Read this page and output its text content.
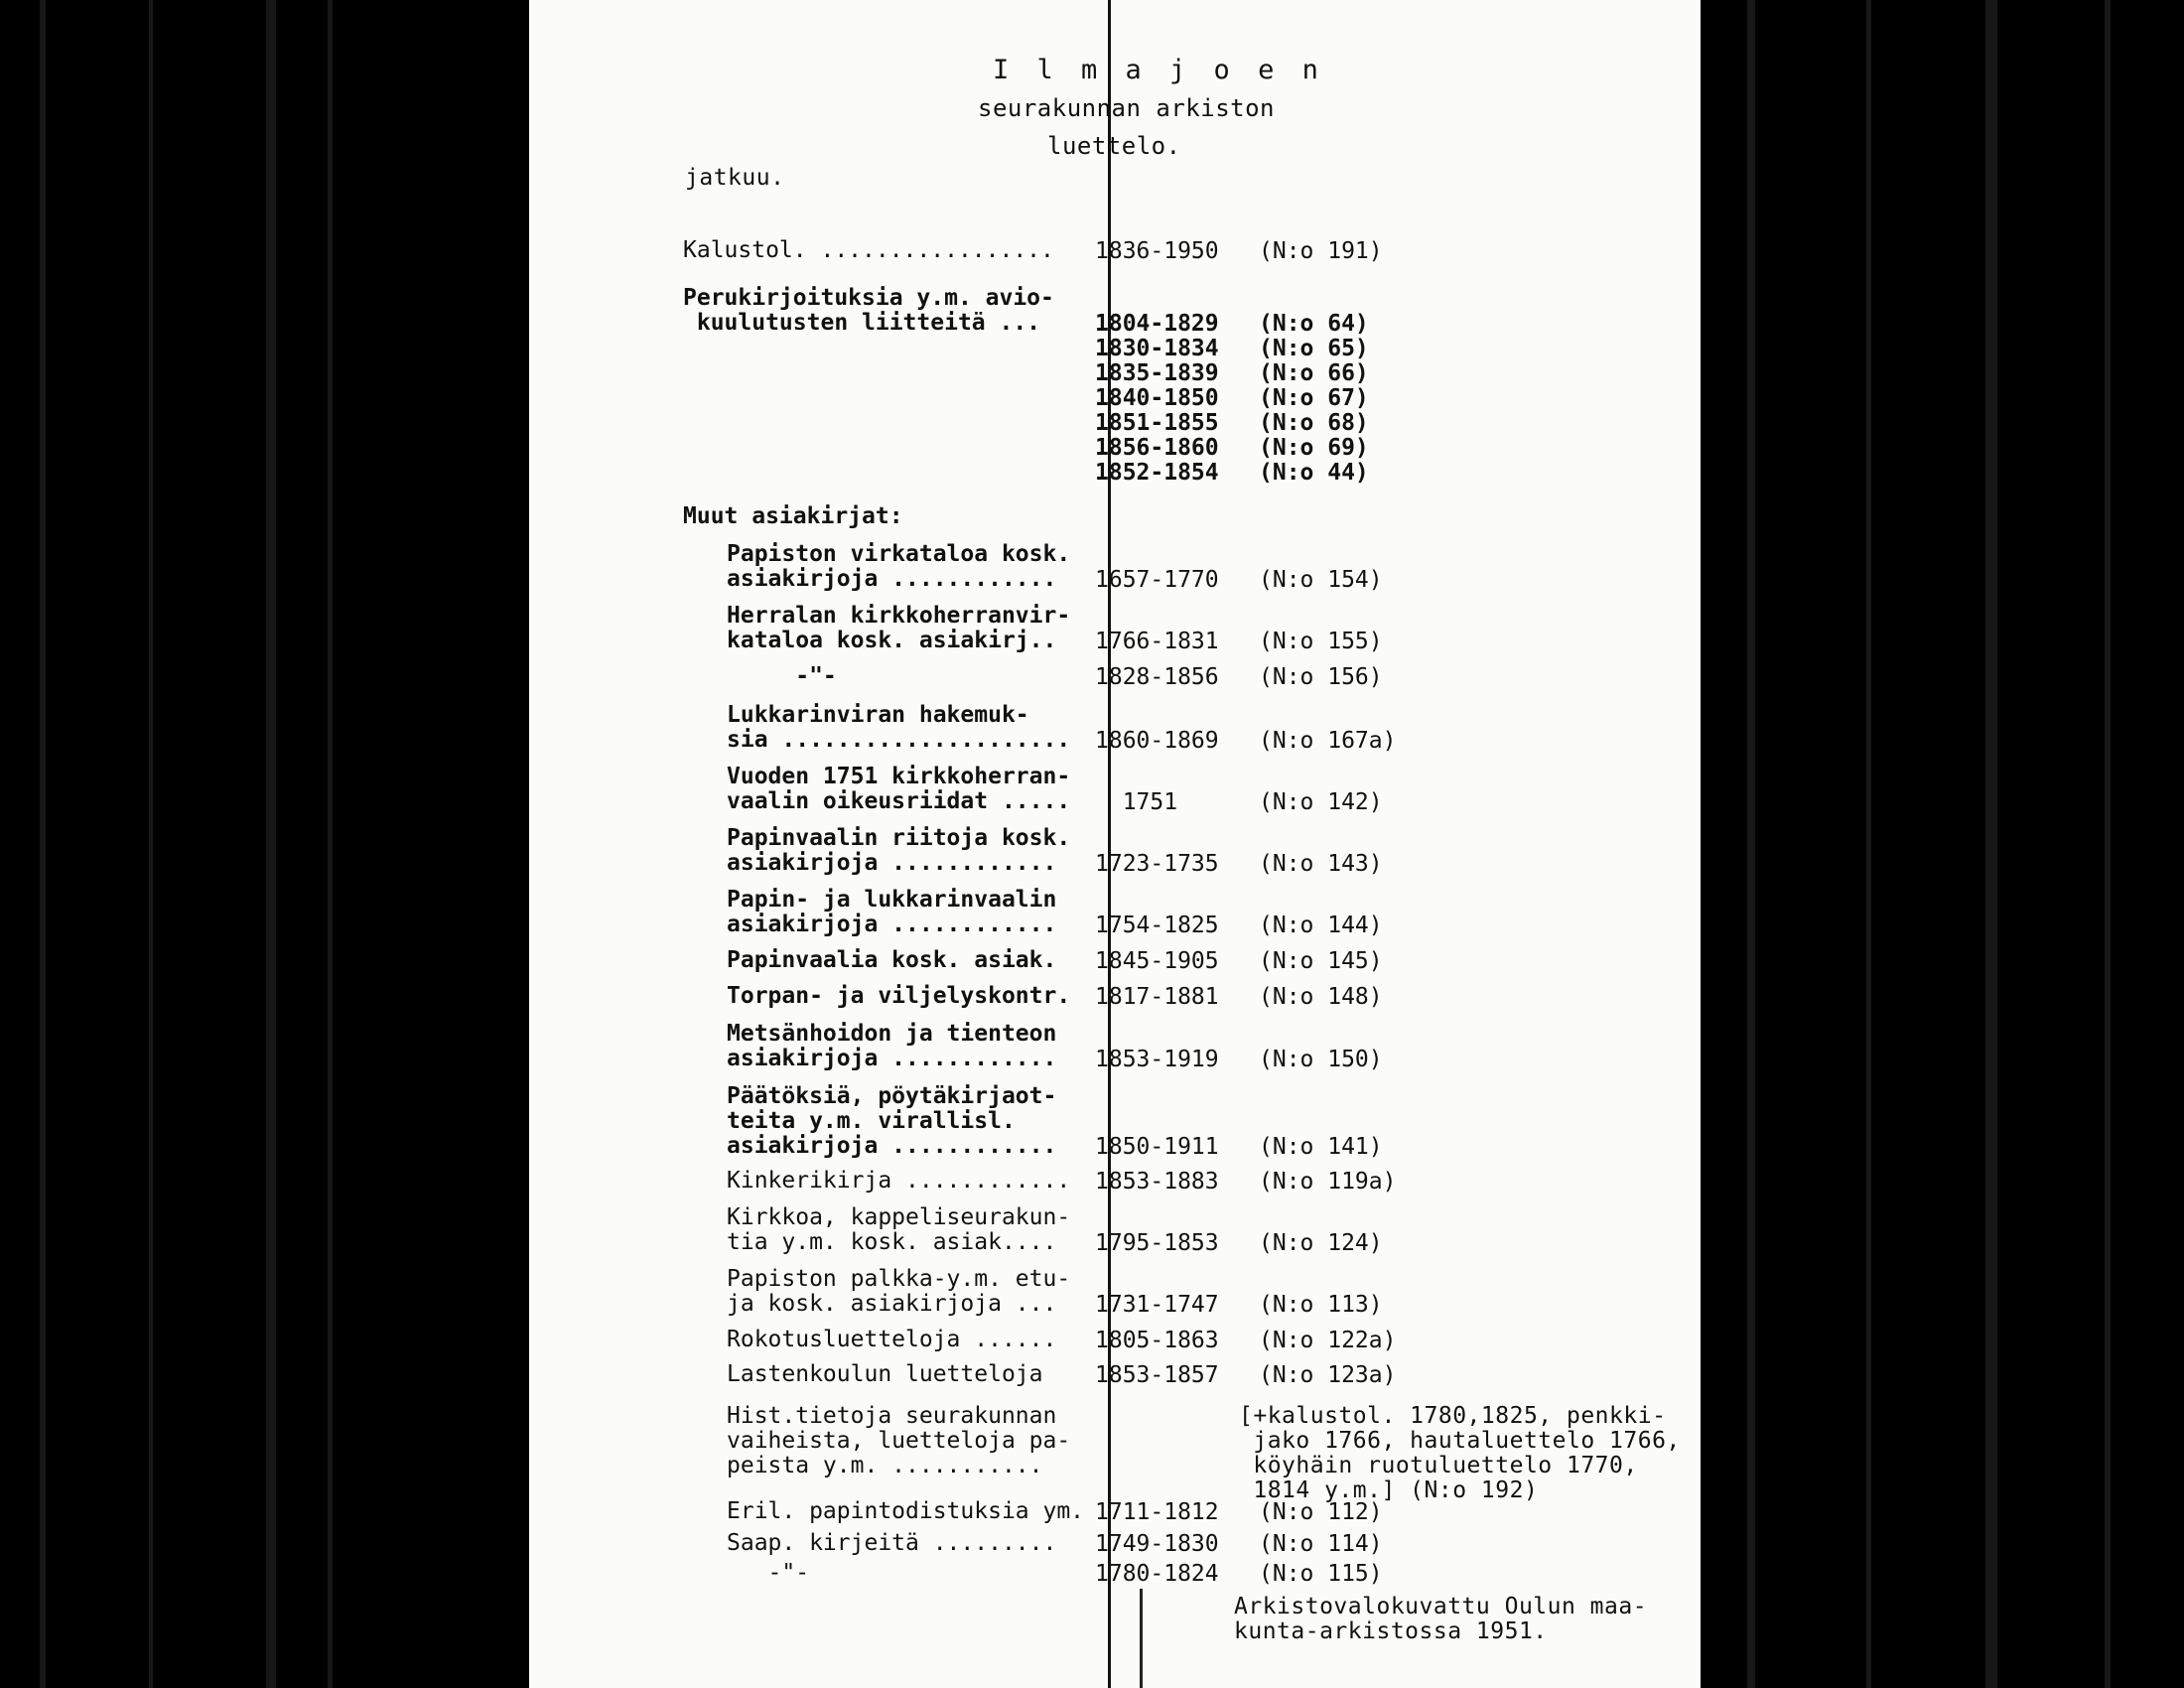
I l m a j o e n
seurakunnan arkiston
luettelo.
jatkuu.
Kalustol. ................. 1836-1950 (N:o 191)
Perukirjoituksia y.m. avio-
kuulutusten liitteitä ...	1804-1829 (N:o 64)
1830-1834 (N:o 65)
1835-1839 (N:o 66)
1840-1850 (N:o 67)
1851-1855 (N:o 68)
1856-1860 (N:o 69)
1852-1854 (N:o 44)
Muut asiakirjat:
Papiston virkataloa kosk.
asiakirjoja ............	1657-1770 (N:o 154)
Herralan kirkkoherranvir-
kataloa kosk. asiakirj..	1766-1831 (N:o 155)
-"-	1828-1856 (N:o 156)
Lukkarinviran hakemuk-
sia ..................... 1860-1869 (N:o 167a)
Vuoden 1751 kirkkoherran-
vaalin oikeusriidat ..... 1751	(N:o 142)
Papinvaalin riitoja kosk.
asiakirjoja ............	1723-1735 (N:o 143)
Papin- ja lukkarinvaalin
asiakirjoja ............ 1754-1825 (N:o 144)
Papinvaalia kosk. asiak. 1845-1905 (N:o 145)
Torpan- ja viljelyskontr. 1817-1881 (N:o 148)
Metsänhoidon ja tienteon
asiakirjoja ............ 1853-1919 (N:o 150)
Päätöksiä, pöytäkirjaot-
teita y.m. virallisl.
asiakirjoja ............ 1850-1911 (N:o 141)
Kinkerikirja ............ 1853-1883 (N:o 119a)
Kirkkoa, kappeliseurakun-
tia y.m. kosk. asiak....	1795-1853 (N:o 124)
Papiston palkka-y.m. etu-
ja kosk. asiakirjoja ...	1731-1747 (N:o 113)
Rokotusluetteloja ...... 1805-1863 (N:o 122a)
Lastenkoulun luetteloja 1853-1857 (N:o 123a)
Hist.tietoja seurakunnan
vaiheista, luetteloja pa-
peista y.m. ...........
[+kalustol. 1780,1825, penkki-
jako 1766, hautaluettelo 1766,
köyhäin ruotuluettelo 1770,
1814 y.m.] (N:o 192)
Eril. papintodistuksia ym. 1711-1812 (N:o 112)
Saap. kirjeitä ......... 1749-1830 (N:o 114)
-"-	1780-1824 (N:o 115)
Arkistovalokuvattu Oulun maa-
kunta-arkistossa 1951.
